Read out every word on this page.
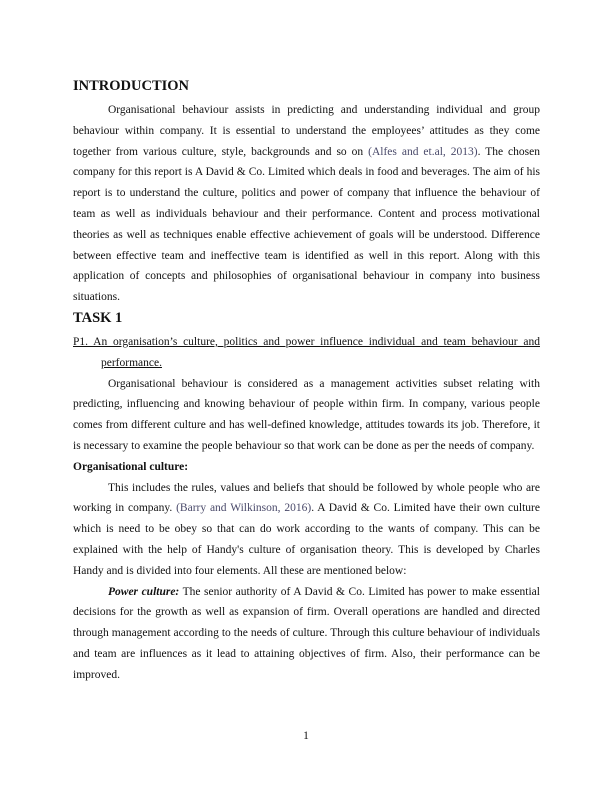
INTRODUCTION

Organisational behaviour assists in predicting and understanding individual and group behaviour within company. It is essential to understand the employees’ attitudes as they come together from various culture, style, backgrounds and so on (Alfes and et.al, 2013). The chosen company for this report is A David & Co. Limited which deals in food and beverages. The aim of his report is to understand the culture, politics and power of company that influence the behaviour of team as well as individuals behaviour and their performance. Content and process motivational theories as well as techniques enable effective achievement of goals will be understood. Difference between effective team and ineffective team is identified as well in this report. Along with this application of concepts and philosophies of organisational behaviour in company into business situations.

TASK 1

P1. An organisation’s culture, politics and power influence individual and team behaviour and performance.

Organisational behaviour is considered as a management activities subset relating with predicting, influencing and knowing behaviour of people within firm. In company, various people comes from different culture and has well-defined knowledge, attitudes towards its job. Therefore, it is necessary to examine the people behaviour so that work can be done as per the needs of company.

Organisational culture:

This includes the rules, values and beliefs that should be followed by whole people who are working in company. (Barry and Wilkinson, 2016). A David & Co. Limited have their own culture which is need to be obey so that can do work according to the wants of company. This can be explained with the help of Handy's culture of organisation theory. This is developed by Charles Handy and is divided into four elements. All these are mentioned below:

Power culture: The senior authority of A David & Co. Limited has power to make essential decisions for the growth as well as expansion of firm. Overall operations are handled and directed through management according to the needs of culture. Through this culture behaviour of individuals and team are influences as it lead to attaining objectives of firm. Also, their performance can be improved.

1
